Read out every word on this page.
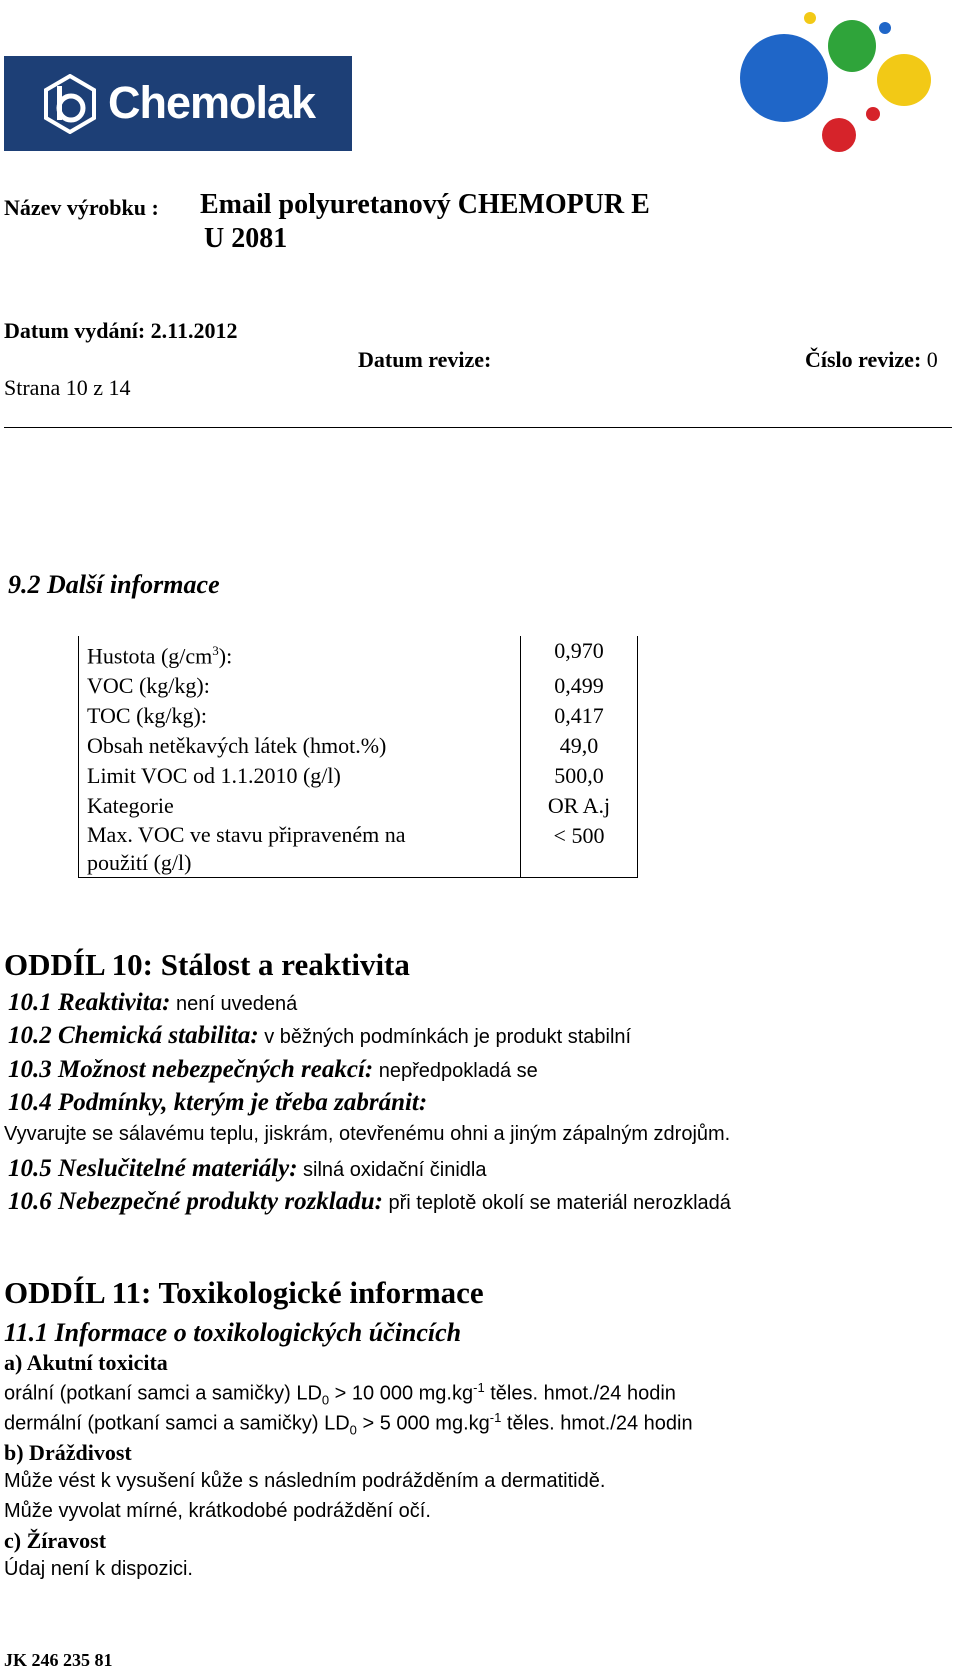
Chemolak
Název výrobku : Email polyuretanový CHEMOPUR E
U 2081
Datum vydání: 2.11.2012
Datum revize:	Číslo revize: 0
Strana 10 z 14
9.2 Další informace
Hustota $(g/cm^3)$:	0,970
VOC (kg/kg):	0,499
TOC (kg/kg):	0,417
Obsah netěkavých látek (hmot.%)	49,0
Limit VOC od 1.1.2010 (g/l)	500,0
Kategorie	OR A.j
Max. VOC ve stavu připraveném na
použití (g/l)	< 500
ODDÍL 10: Stálost a reaktivita
10.1 Reaktivita: není uvedená
10.2 Chemická stabilita: v běžných podmínkách je produkt stabilní
10.3 Možnost nebezpečných reakcí: nepředpokladá se
10.4 Podmínky, kterým je třeba zabránit:
Vyvarujte se sálavému teplu, jiskrám, otevřenému ohni a jiným zápalným zdrojům.
10.5 Neslučitelné materiály: silná oxidační činidla
10.6 Nebezpečné produkty rozkladu: při teplotě okolí se materiál nerozkladá
ODDÍL 11: Toxikologické informace
11.1 Informace o toxikologických účincích
a) Akutní toxicita
orální (potkaní samci a samičky) $LD_0 > 10$ 000 $mg.kg^{-1}$ těles. hmot./24 hodin
dermální (potkaní samci a samičky) $LD_0 > 5$ 000 $mg.kg^{-1}$ těles. hmot./24 hodin
b) Dráždivost
Může vést k vysušení kůže s následním podrážděním a dermatitidě.
Může vyvolat mírné, krátkodobé podráždění očí.
c) Žíravost
Údaj není k dispozici.
JK 246 235 81
